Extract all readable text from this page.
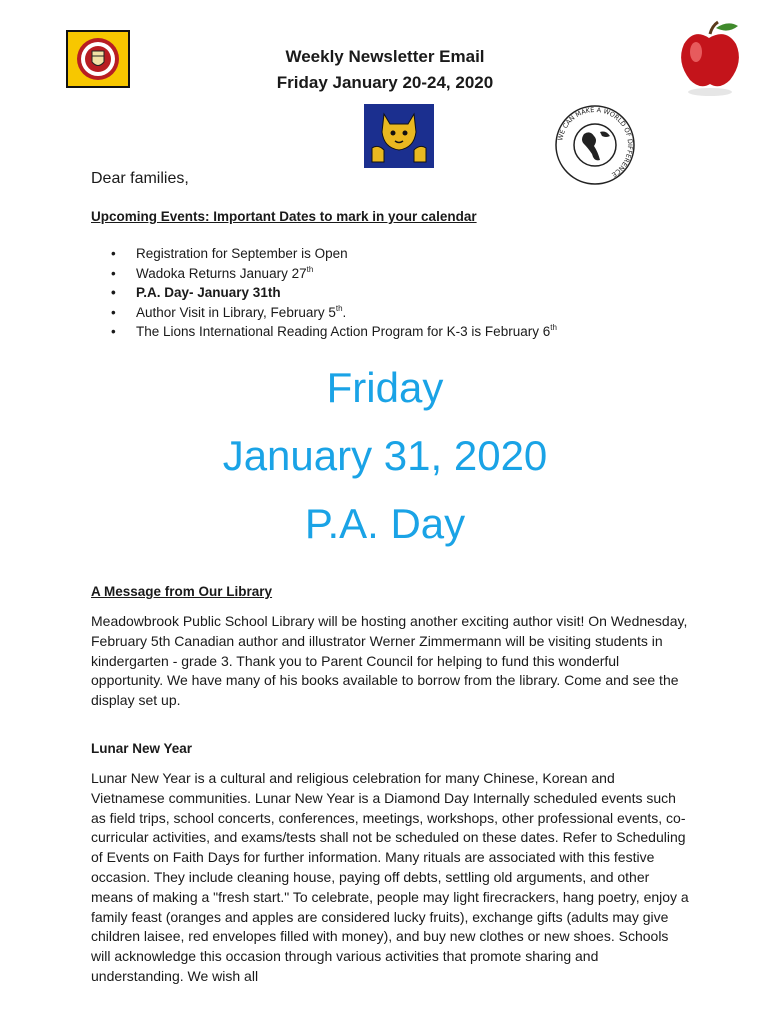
Weekly Newsletter Email
Friday January 20-24, 2020
WE CAN MAKE A WORLD OF DIFFERENCE
Dear families,
Upcoming Events: Important Dates to mark in your calendar
• Registration for September is Open
• Wadoka Returns January 27th
• P.A. Day- January 31th
• Author Visit in Library, February 5th.
• The Lions International Reading Action Program for K-3 is February 6th
Friday
January 31, 2020
P.A. Day
A Message from Our Library
Meadowbrook Public School Library will be hosting another exciting author visit! On Wednesday, February 5th Canadian author and illustrator Werner Zimmermann will be visiting students in kindergarten - grade 3. Thank you to Parent Council for helping to fund this wonderful opportunity. We have many of his books available to borrow from the library. Come and see the display set up.
Lunar New Year
Lunar New Year is a cultural and religious celebration for many Chinese, Korean and Vietnamese communities. Lunar New Year is a Diamond Day Internally scheduled events such as field trips, school concerts, conferences, meetings, workshops, other professional events, co-curricular activities, and exams/tests shall not be scheduled on these dates. Refer to Scheduling of Events on Faith Days for further information. Many rituals are associated with this festive occasion. They include cleaning house, paying off debts, settling old arguments, and other means of making a "fresh start." To celebrate, people may light firecrackers, hang poetry, enjoy a family feast (oranges and apples are considered lucky fruits), exchange gifts (adults may give children laisee, red envelopes filled with money), and buy new clothes or new shoes. Schools will acknowledge this occasion through various activities that promote sharing and understanding. We wish all
